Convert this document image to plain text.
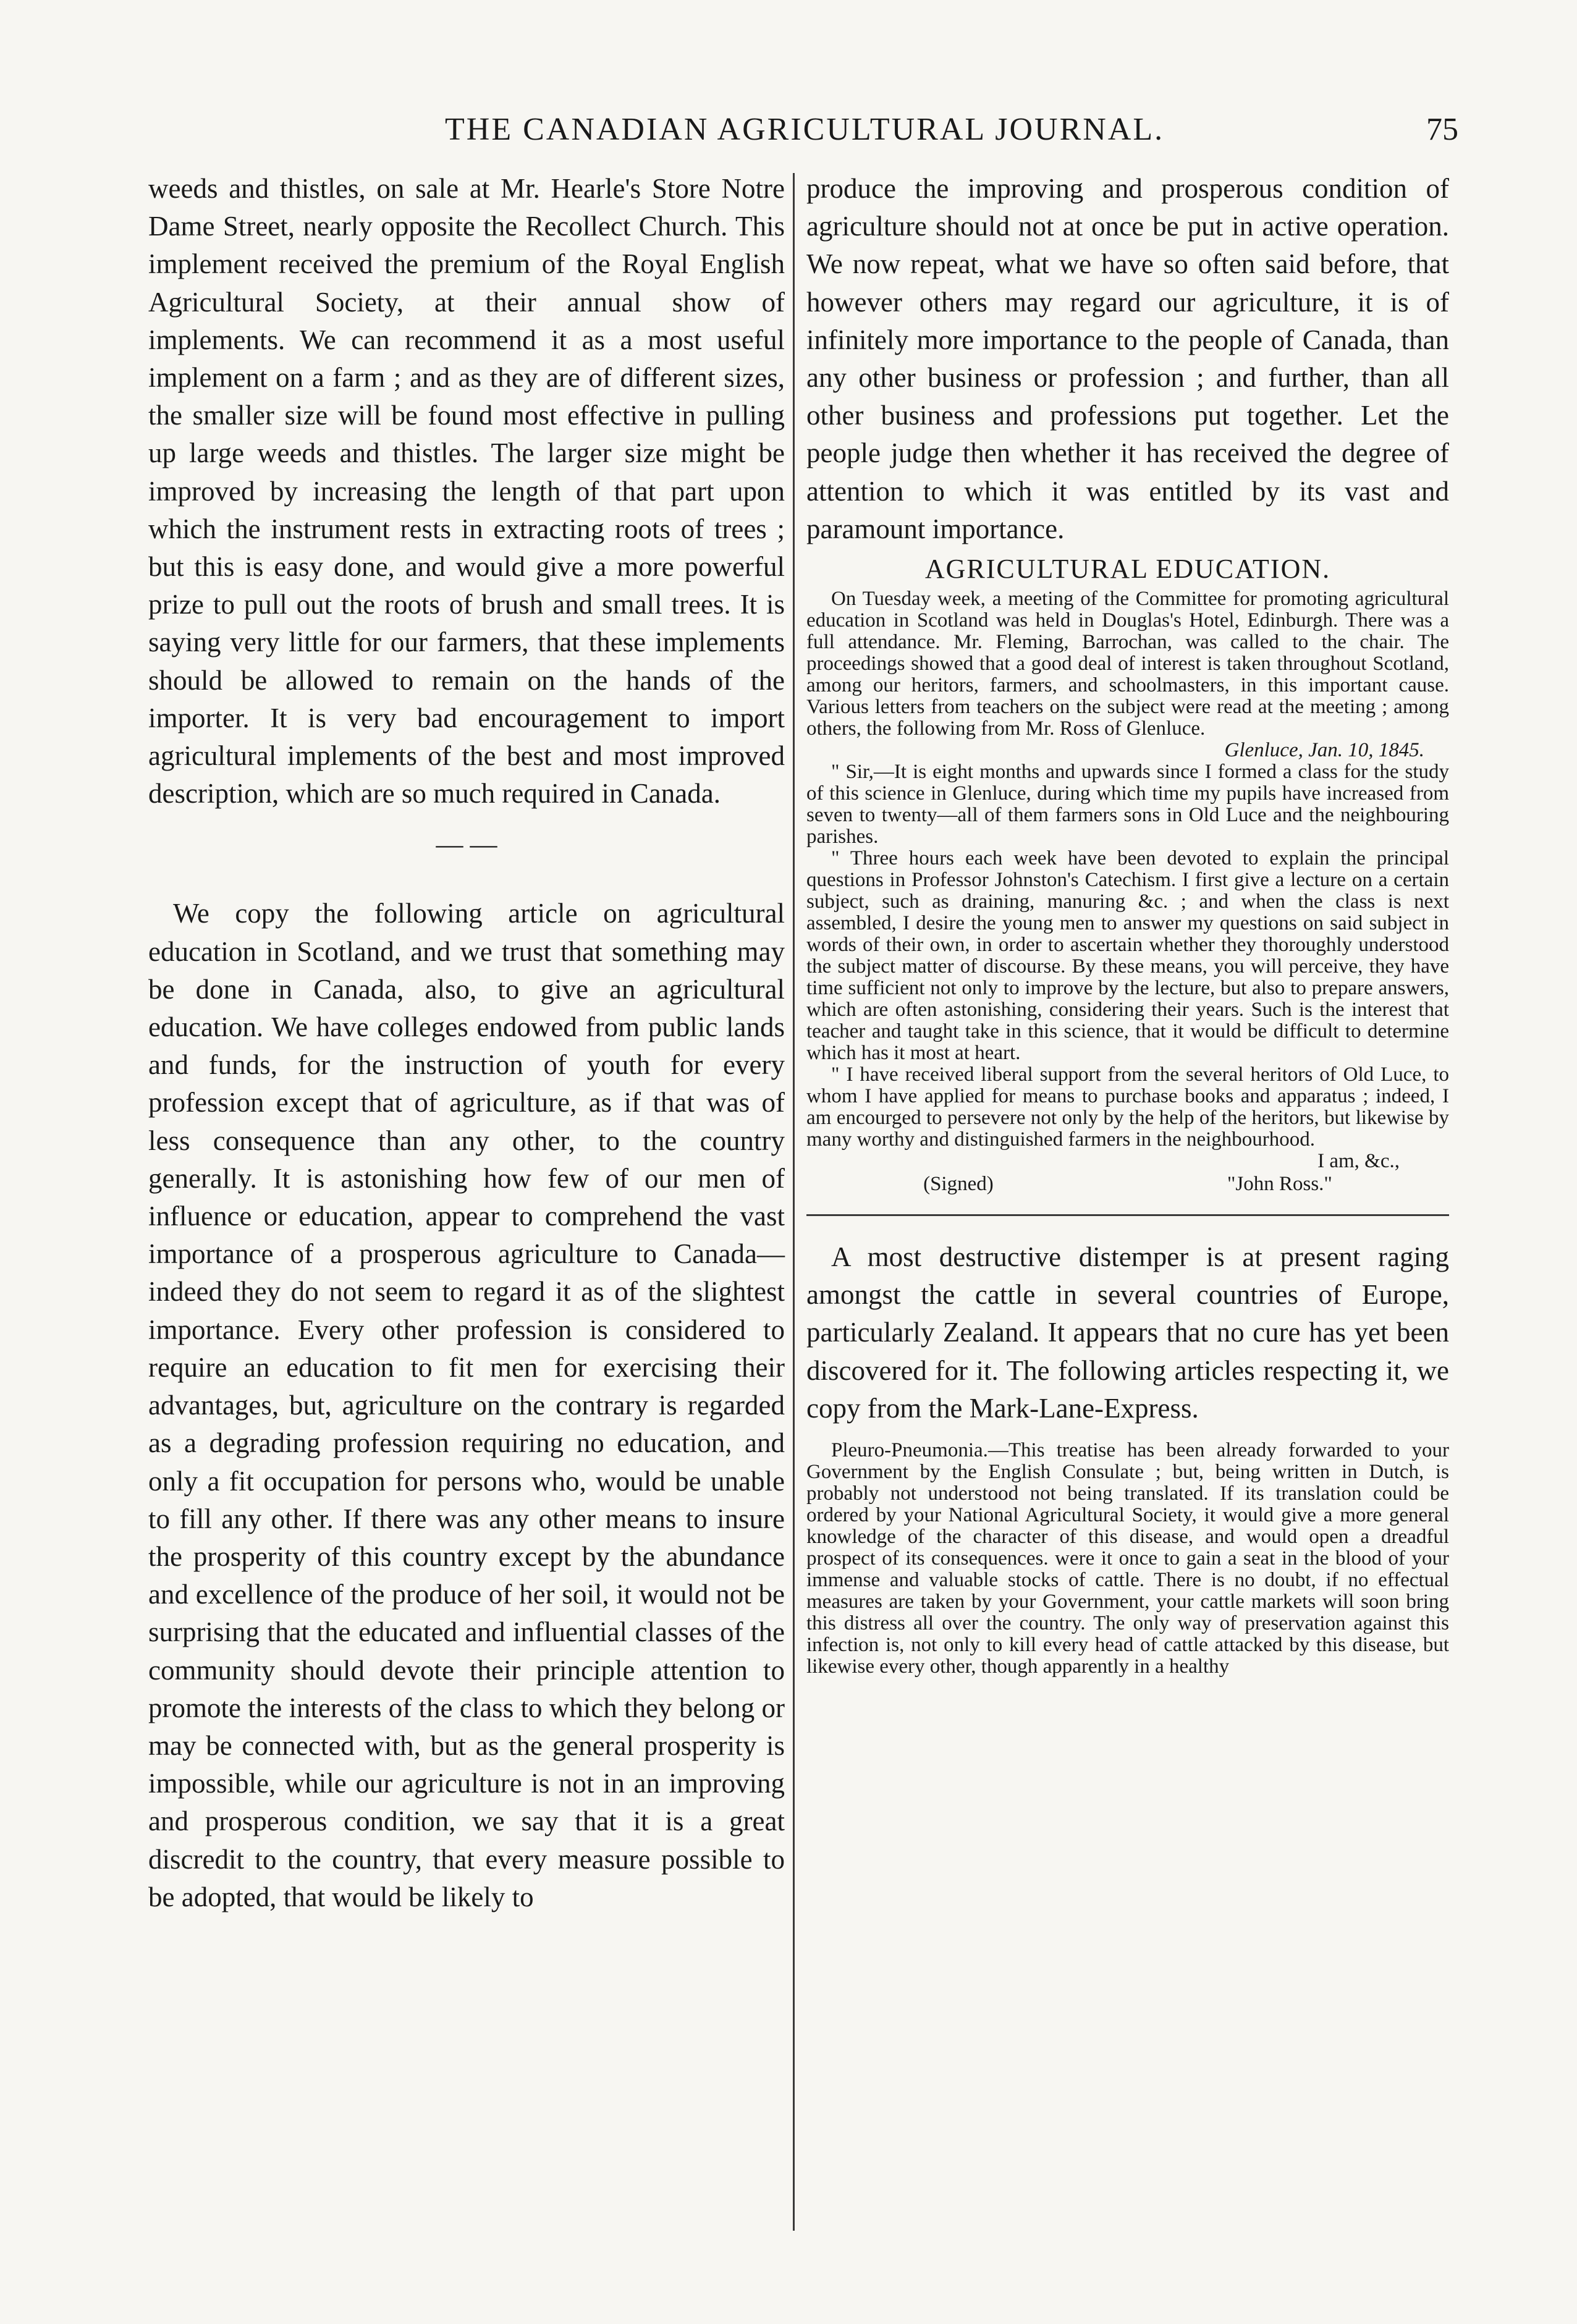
THE CANADIAN AGRICULTURAL JOURNAL.	75

weeds and thistles, on sale at Mr. Hearle's Store Notre Dame Street, nearly opposite the Recollect Church. This implement received the premium of the Royal English Agricultural Society, at their annual show of implements. We can recommend it as a most useful implement on a farm ; and as they are of different sizes, the smaller size will be found most effective in pulling up large weeds and thistles. The larger size might be improved by increasing the length of that part upon which the instrument rests in extracting roots of trees ; but this is easy done, and would give a more powerful prize to pull out the roots of brush and small trees. It is saying very little for our farmers, that these implements should be allowed to remain on the hands of the importer. It is very bad encouragement to import agricultural implements of the best and most improved description, which are so much required in Canada.

— —

We copy the following article on agricultural education in Scotland, and we trust that something may be done in Canada, also, to give an agricultural education. We have colleges endowed from public lands and funds, for the instruction of youth for every profession except that of agriculture, as if that was of less consequence than any other, to the country generally. It is astonishing how few of our men of influence or education, appear to comprehend the vast importance of a prosperous agriculture to Canada—indeed they do not seem to regard it as of the slightest importance. Every other profession is considered to require an education to fit men for exercising their advantages, but, agriculture on the contrary is regarded as a degrading profession requiring no education, and only a fit occupation for persons who, would be unable to fill any other. If there was any other means to insure the prosperity of this country except by the abundance and excellence of the produce of her soil, it would not be surprising that the educated and influential classes of the community should devote their principle attention to promote the interests of the class to which they belong or may be connected with, but as the general prosperity is impossible, while our agriculture is not in an improving and prosperous condition, we say that it is a great discredit to the country, that every measure possible to be adopted, that would be likely to

produce the improving and prosperous condition of agriculture should not at once be put in active operation. We now repeat, what we have so often said before, that however others may regard our agriculture, it is of infinitely more importance to the people of Canada, than any other business or profession ; and further, than all other business and professions put together. Let the people judge then whether it has received the degree of attention to which it was entitled by its vast and paramount importance.

AGRICULTURAL EDUCATION.

On Tuesday week, a meeting of the Committee for promoting agricultural education in Scotland was held in Douglas's Hotel, Edinburgh. There was a full attendance. Mr. Fleming, Barrochan, was called to the chair. The proceedings showed that a good deal of interest is taken throughout Scotland, among our heritors, farmers, and schoolmasters, in this important cause. Various letters from teachers on the subject were read at the meeting ; among others, the following from Mr. Ross of Glenluce.

Glenluce, Jan. 10, 1845.

" Sir,—It is eight months and upwards since I formed a class for the study of this science in Glenluce, during which time my pupils have increased from seven to twenty—all of them farmers sons in Old Luce and the neighbouring parishes.

" Three hours each week have been devoted to explain the principal questions in Professor Johnston's Catechism. I first give a lecture on a certain subject, such as draining, manuring &c. ; and when the class is next assembled, I desire the young men to answer my questions on said subject in words of their own, in order to ascertain whether they thoroughly understood the subject matter of discourse. By these means, you will perceive, they have time sufficient not only to improve by the lecture, but also to prepare answers, which are often astonishing, considering their years. Such is the interest that teacher and taught take in this science, that it would be difficult to determine which has it most at heart.

" I have received liberal support from the several heritors of Old Luce, to whom I have applied for means to purchase books and apparatus ; indeed, I am encourged to persevere not only by the help of the heritors, but likewise by many worthy and distinguished farmers in the neighbourhood.

I am, &c.,

(Signed)	"John Ross."

A most destructive distemper is at present raging amongst the cattle in several countries of Europe, particularly Zealand. It appears that no cure has yet been discovered for it. The following articles respecting it, we copy from the Mark-Lane-Express.

Pleuro-Pneumonia.—This treatise has been already forwarded to your Government by the English Consulate ; but, being written in Dutch, is probably not understood not being translated. If its translation could be ordered by your National Agricultural Society, it would give a more general knowledge of the character of this disease, and would open a dreadful prospect of its consequences. were it once to gain a seat in the blood of your immense and valuable stocks of cattle. There is no doubt, if no effectual measures are taken by your Government, your cattle markets will soon bring this distress all over the country. The only way of preservation against this infection is, not only to kill every head of cattle attacked by this disease, but likewise every other, though apparently in a healthy
